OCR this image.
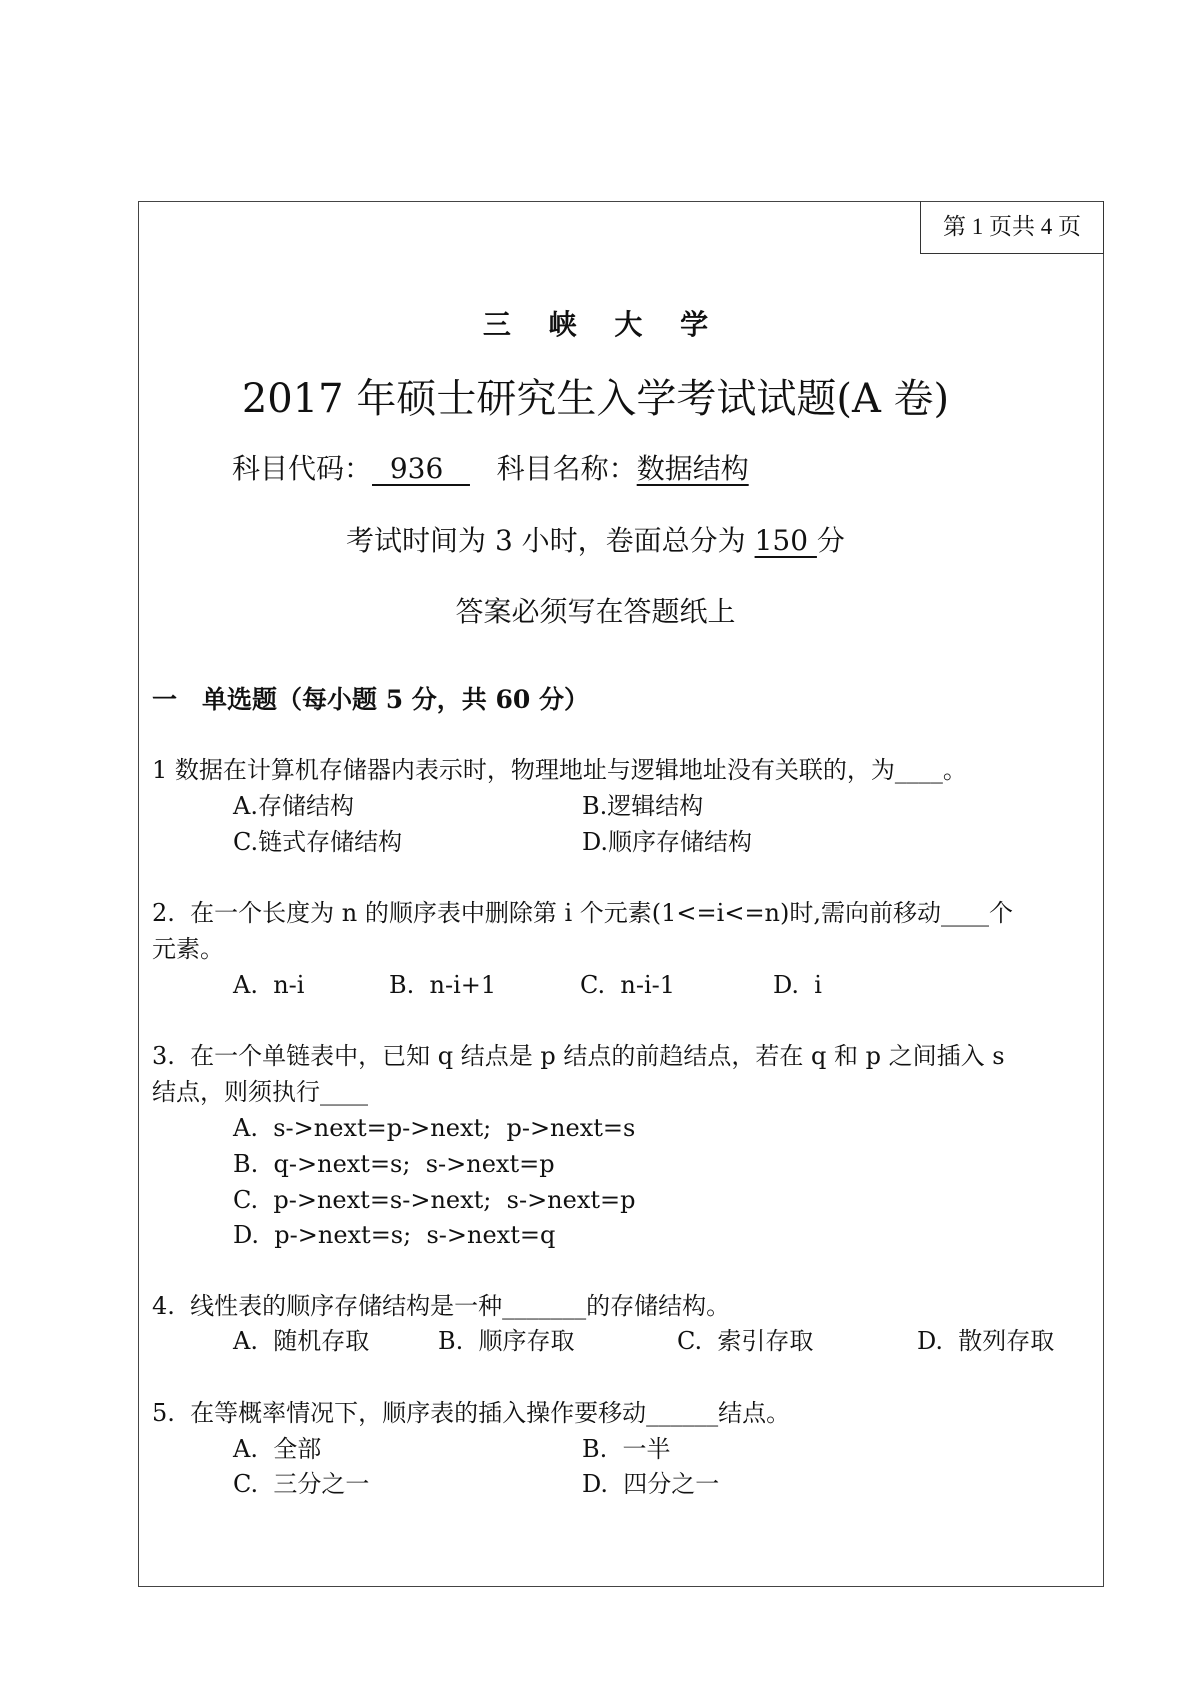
第 1 页共 4 页
三　 峡　 大　 学
2017 年硕士研究生入学考试试题(A 卷)
科目代码：  936      科目名称：数据结构
考试时间为 3 小时，卷面总分为 150 分
答案必须写在答题纸上
一　单选题（每小题 5 分，共 60 分）
1 数据在计算机存储器内表示时，物理地址与逻辑地址没有关联的，为____。
A.存储结构	B.逻辑结构
C.链式存储结构	D.顺序存储结构
2.  在一个长度为 n 的顺序表中删除第 i 个元素(1<=i<=n)时,需向前移动____个
元素。
A.  n-i	B.  n-i+1	C.  n-i-1	D.  i
3.  在一个单链表中，已知 q 结点是 p 结点的前趋结点，若在 q 和 p 之间插入 s
结点，则须执行____
A.  s->next=p->next;  p->next=s
B.  q->next=s;  s->next=p
C.  p->next=s->next;  s->next=p
D.  p->next=s;  s->next=q
4.  线性表的顺序存储结构是一种_______的存储结构。
A.  随机存取	B.  顺序存取	C.  索引存取	D.  散列存取
5.  在等概率情况下，顺序表的插入操作要移动______结点。
A.  全部	B.  一半
C.  三分之一	D.  四分之一
